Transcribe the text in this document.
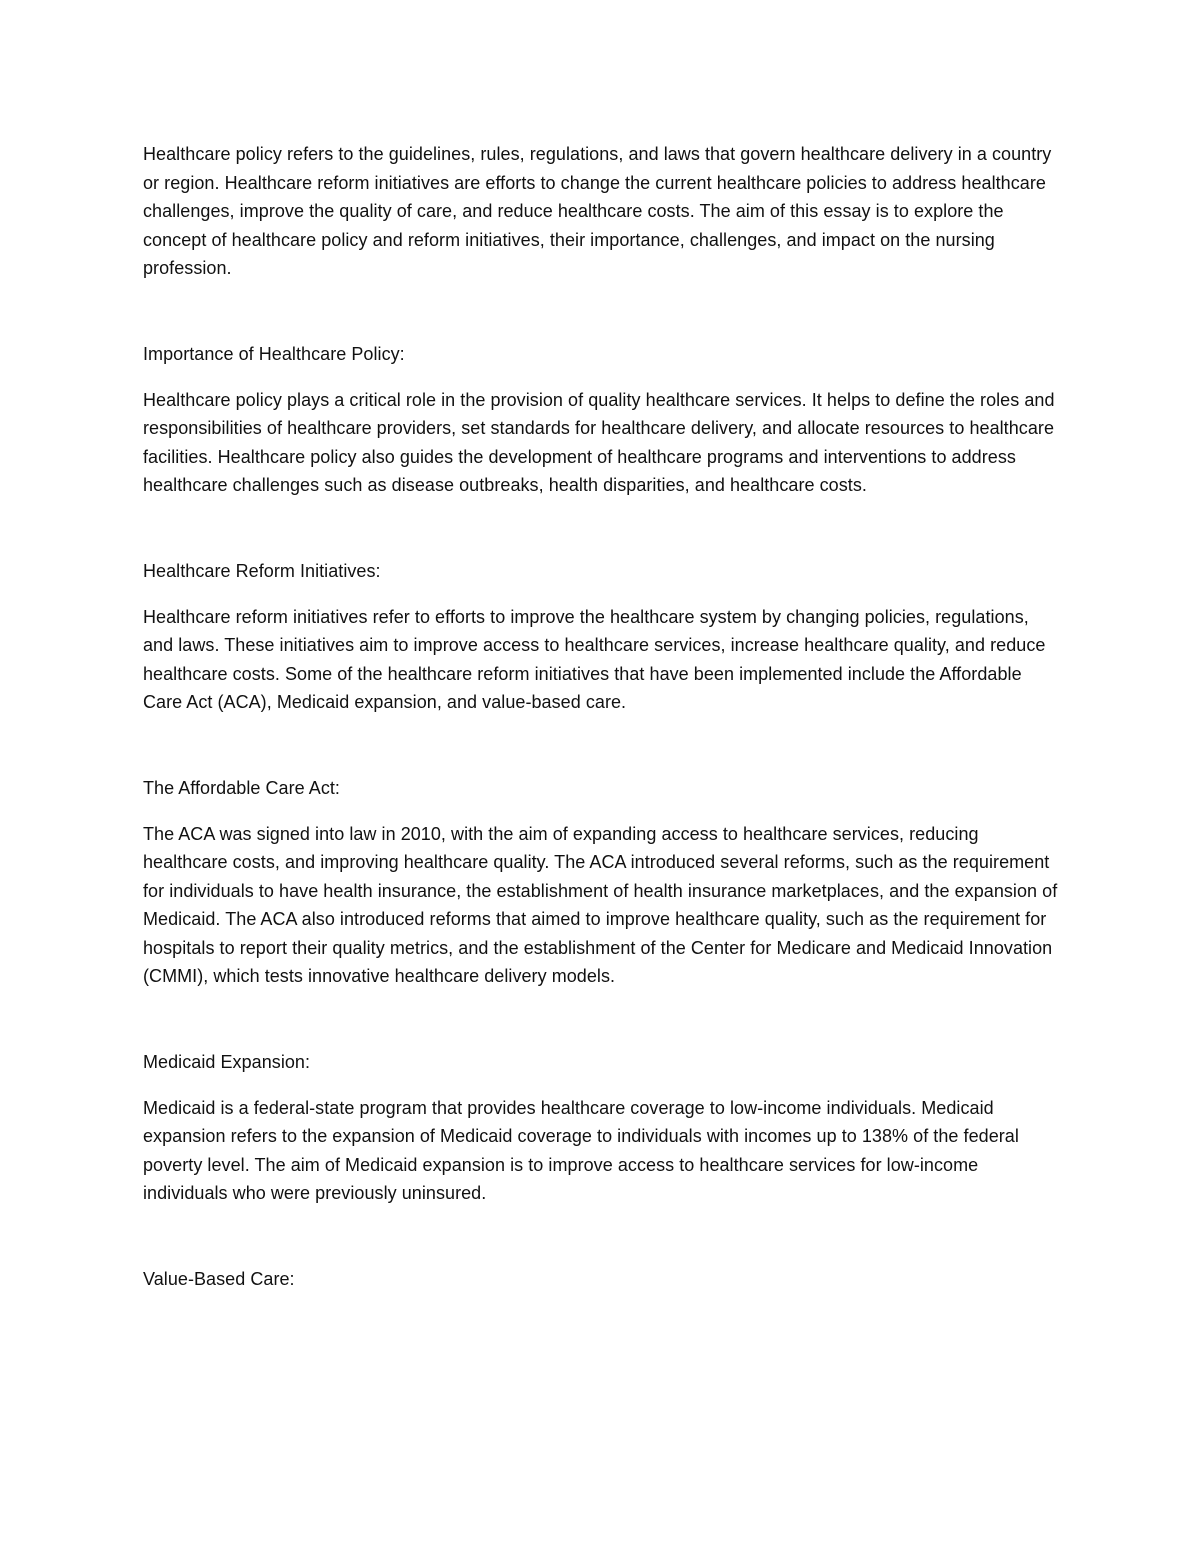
Healthcare policy refers to the guidelines, rules, regulations, and laws that govern healthcare delivery in a country or region. Healthcare reform initiatives are efforts to change the current healthcare policies to address healthcare challenges, improve the quality of care, and reduce healthcare costs. The aim of this essay is to explore the concept of healthcare policy and reform initiatives, their importance, challenges, and impact on the nursing profession.

Importance of Healthcare Policy:

Healthcare policy plays a critical role in the provision of quality healthcare services. It helps to define the roles and responsibilities of healthcare providers, set standards for healthcare delivery, and allocate resources to healthcare facilities. Healthcare policy also guides the development of healthcare programs and interventions to address healthcare challenges such as disease outbreaks, health disparities, and healthcare costs.

Healthcare Reform Initiatives:

Healthcare reform initiatives refer to efforts to improve the healthcare system by changing policies, regulations, and laws. These initiatives aim to improve access to healthcare services, increase healthcare quality, and reduce healthcare costs. Some of the healthcare reform initiatives that have been implemented include the Affordable Care Act (ACA), Medicaid expansion, and value-based care.

The Affordable Care Act:

The ACA was signed into law in 2010, with the aim of expanding access to healthcare services, reducing healthcare costs, and improving healthcare quality. The ACA introduced several reforms, such as the requirement for individuals to have health insurance, the establishment of health insurance marketplaces, and the expansion of Medicaid. The ACA also introduced reforms that aimed to improve healthcare quality, such as the requirement for hospitals to report their quality metrics, and the establishment of the Center for Medicare and Medicaid Innovation (CMMI), which tests innovative healthcare delivery models.

Medicaid Expansion:

Medicaid is a federal-state program that provides healthcare coverage to low-income individuals. Medicaid expansion refers to the expansion of Medicaid coverage to individuals with incomes up to 138% of the federal poverty level. The aim of Medicaid expansion is to improve access to healthcare services for low-income individuals who were previously uninsured.

Value-Based Care:
